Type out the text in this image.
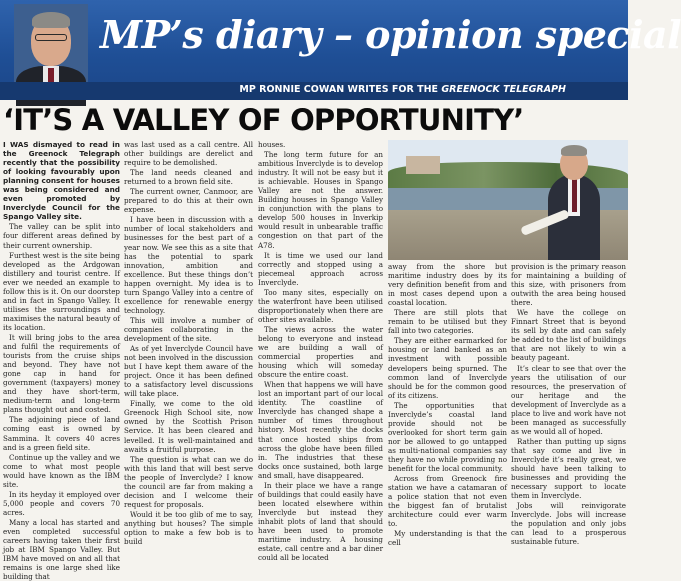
MP’s diary – opinion special
MP RONNIE COWAN WRITES FOR THE GREENOCK TELEGRAPH
‘IT’S A VALLEY OF OPPORTUNITY’

I WAS dismayed to read in the Greenock Telegraph recently that the possibility of looking favourably upon planning consent for houses was being considered and even promoted by Inverclyde Council for the Spango Valley site.

The valley can be split into four different areas defined by their current ownership.

Furthest west is the site being developed as the Ardgowan distillery and tourist centre. If ever we needed an example to follow this is it. On our doorstep and in fact in Spango Valley. It utilises the surroundings and maximises the natural beauty of its location.

It will bring jobs to the area and fulfil the requirements of tourists from the cruise ships and beyond. They have not gone cap in hand for government (taxpayers) money and they have short-term, medium-term and long-term plans thought out and costed.

The adjoining piece of land coming east is owned by Sammina. It covers 40 acres and is a green field site.

Continue up the valley and we come to what most people would have known as the IBM site.

In its heyday it employed over 5,000 people and covers 70 acres.

Many a local has started and even completed successful careers having taken their first job at IBM Spango Valley. But IBM have moved on and all that remains is one large shed like building that

was last used as a call centre. All other buildings are derelict and require to be demolished.

The land needs cleaned and returned to a brown field site.

The current owner, Canmoor, are prepared to do this at their own expense.

I have been in discussion with a number of local stakeholders and businesses for the best part of a year now. We see this as a site that has the potential to spark innovation, ambition and excellence. But these things don’t happen overnight. My idea is to turn Spango Valley into a centre of excellence for renewable energy technology.

This will involve a number of companies collaborating in the development of the site.

As of yet Inverclyde Council have not been involved in the discussion but I have kept them aware of the project. Once it has been defined to a satisfactory level discussions will take place.

Finally, we come to the old Greenock High School site, now owned by the Scottish Prison Service. It has been cleared and levelled. It is well-maintained and awaits a fruitful purpose.

The question is what can we do with this land that will best serve the people of Inverclyde? I know the council are far from making a decision and I welcome their request for proposals.

Would it be too glib of me to say, anything but houses? The simple option to make a few bob is to build

houses.

The long term future for an ambitious Inverclyde is to develop industry. It will not be easy but it is achievable. Houses in Spango Valley are not the answer. Building houses in Spango Valley in conjunction with the plans to develop 500 houses in Inverkip would result in unbearable traffic congestion on that part of the A78.

It is time we used our land correctly and stopped using a piecemeal approach across Inverclyde.

Too many sites, especially on the waterfront have been utilised disproportionately when there are other sites available.

The views across the water belong to everyone and instead we are building a wall of commercial properties and housing which will someday obscure the entire coast.

When that happens we will have lost an important part of our local identity. The coastline of Inverclyde has changed shape a number of times throughout history. Most recently the docks that once hosted ships from across the globe have been filled in. The industries that these docks once sustained, both large and small, have disappeared.

In their place we have a range of buildings that could easily have been located elsewhere within Inverclyde but instead they inhabit plots of land that should have been used to promote maritime industry. A housing estate, call centre and a bar diner could all be located

away from the shore but maritime industry does by its very definition benefit from and in most cases depend upon a coastal location.

There are still plots that remain to be utilised but they fall into two categories.

They are either earmarked for housing or land banked as an investment with possible developers being spurned. The common land of Inverclyde should be for the common good of its citizens.

The opportunities that Inverclyde’s coastal land provide should not be overlooked for short term gain nor be allowed to go untapped as multi-national companies say they have no while providing no benefit for the local community.

Across from Greenock fire station we have a catamaran of a police station that not even the biggest fan of brutalist architecture could ever warm to.

My understanding is that the cell

provision is the primary reason for maintaining a building of this size, with prisoners from outwith the area being housed there.

We have the college on Finnart Street that is beyond its sell by date and can safely be added to the list of buildings that are not likely to win a beauty pageant.

It’s clear to see that over the years the utilisation of our resources, the preservation of our heritage and the development of Inverclyde as a place to live and work have not been managed as successfully as we would all of hoped.

Rather than putting up signs that say come and live in Inverclyde it’s really great, we should have been talking to businesses and providing the necessary support to locate them in Inverclyde.

Jobs will reinvigorate Inverclyde. Jobs will increase the population and only jobs can lead to a prosperous sustainable future.
